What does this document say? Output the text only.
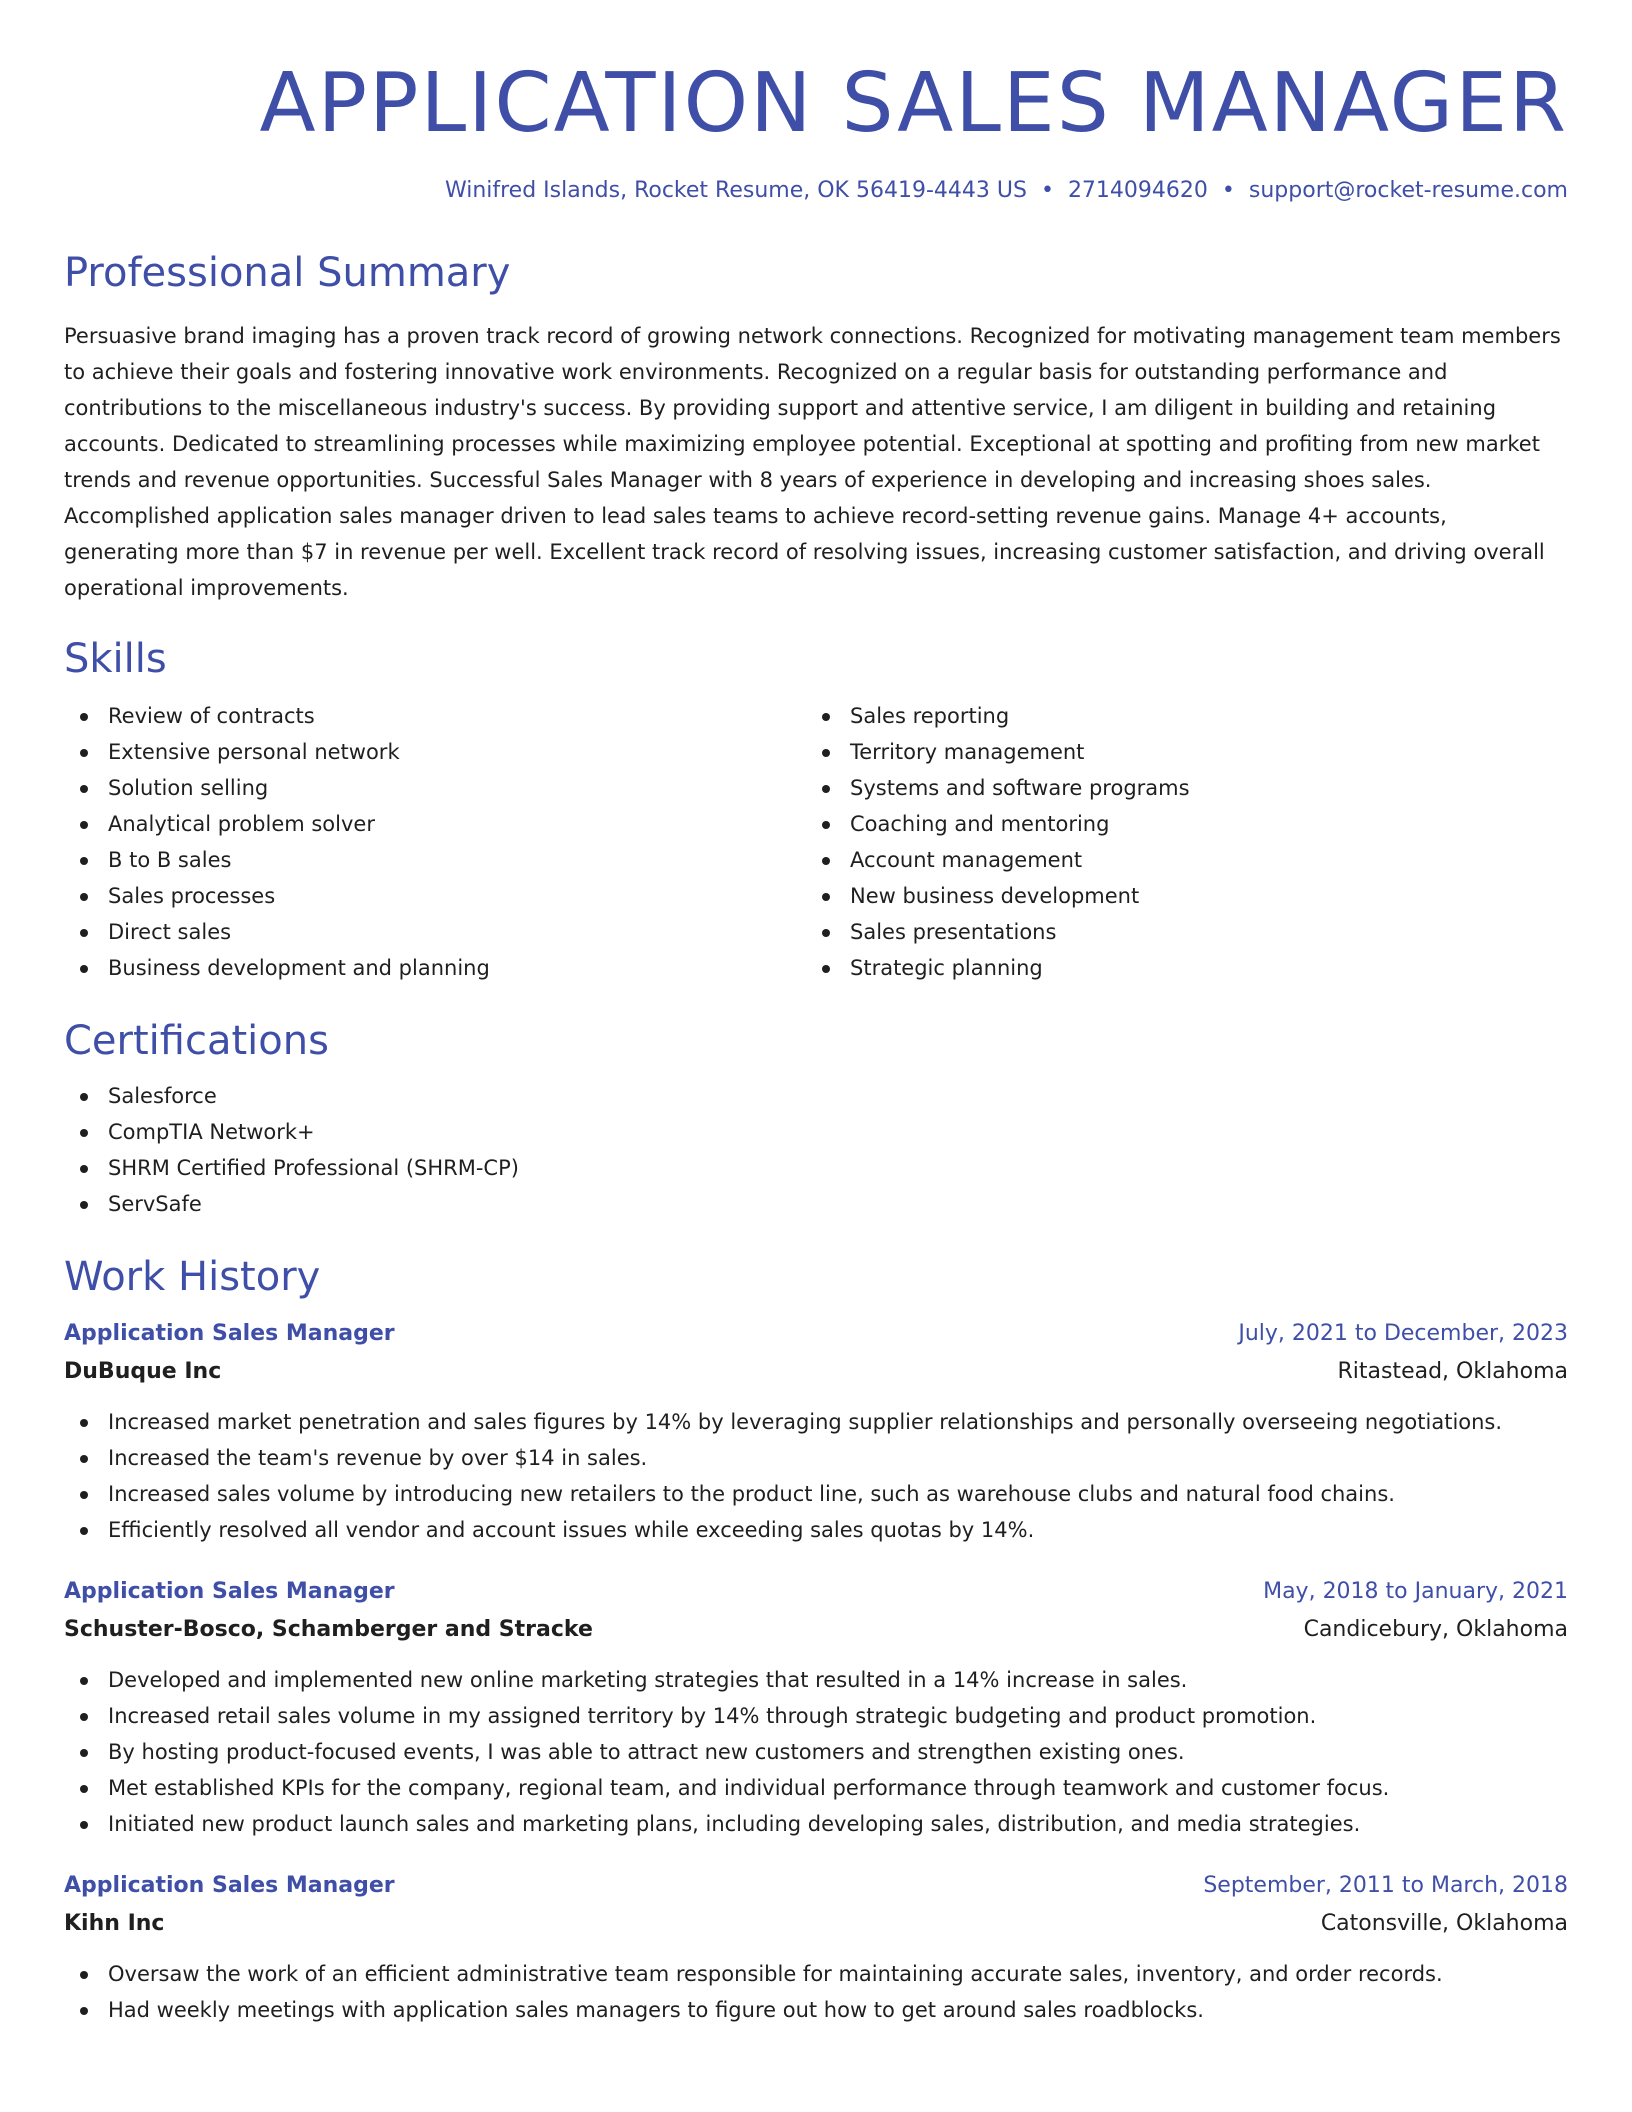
APPLICATION SALES MANAGER
Winifred Islands, Rocket Resume, OK 56419-4443 US • 2714094620 • support@rocket-resume.com
Professional Summary

Persuasive brand imaging has a proven track record of growing network connections. Recognized for motivating management team members to achieve their goals and fostering innovative work environments. Recognized on a regular basis for outstanding performance and contributions to the miscellaneous industry's success. By providing support and attentive service, I am diligent in building and retaining accounts. Dedicated to streamlining processes while maximizing employee potential. Exceptional at spotting and profiting from new market trends and revenue opportunities. Successful Sales Manager with 8 years of experience in developing and increasing shoes sales. Accomplished application sales manager driven to lead sales teams to achieve record-setting revenue gains. Manage 4+ accounts, generating more than $7 in revenue per well. Excellent track record of resolving issues, increasing customer satisfaction, and driving overall operational improvements.

Skills
Review of contracts
Extensive personal network
Solution selling
Analytical problem solver
B to B sales
Sales processes
Direct sales
Business development and planning
Sales reporting
Territory management
Systems and software programs
Coaching and mentoring
Account management
New business development
Sales presentations
Strategic planning
Certifications
Salesforce
CompTIA Network+
SHRM Certified Professional (SHRM-CP)
ServSafe
Work History
Application Sales Manager	July, 2021 to December, 2023
DuBuque Inc	Ritastead, Oklahoma
Increased market penetration and sales figures by 14% by leveraging supplier relationships and personally overseeing negotiations.
Increased the team's revenue by over $14 in sales.
Increased sales volume by introducing new retailers to the product line, such as warehouse clubs and natural food chains.
Efficiently resolved all vendor and account issues while exceeding sales quotas by 14%.
Application Sales Manager	May, 2018 to January, 2021
Schuster-Bosco, Schamberger and Stracke	Candicebury, Oklahoma
Developed and implemented new online marketing strategies that resulted in a 14% increase in sales.
Increased retail sales volume in my assigned territory by 14% through strategic budgeting and product promotion.
By hosting product-focused events, I was able to attract new customers and strengthen existing ones.
Met established KPIs for the company, regional team, and individual performance through teamwork and customer focus.
Initiated new product launch sales and marketing plans, including developing sales, distribution, and media strategies.
Application Sales Manager	September, 2011 to March, 2018
Kihn Inc	Catonsville, Oklahoma
Oversaw the work of an efficient administrative team responsible for maintaining accurate sales, inventory, and order records.
Had weekly meetings with application sales managers to figure out how to get around sales roadblocks.
